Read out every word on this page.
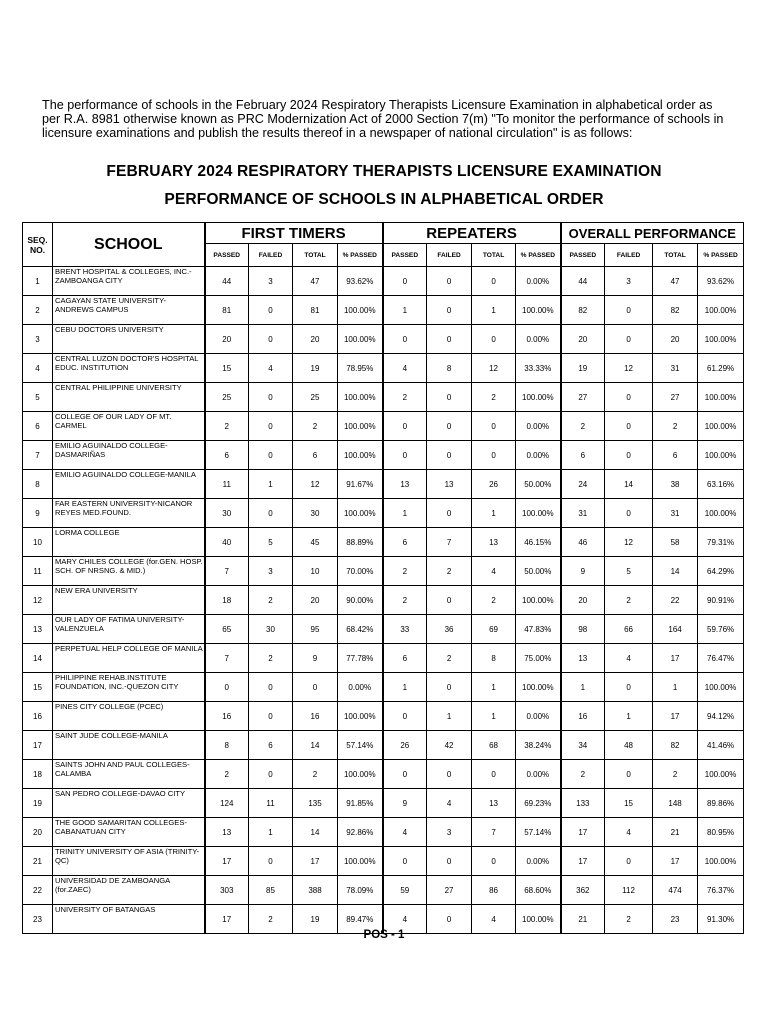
The performance of schools in the February 2024 Respiratory Therapists Licensure Examination in alphabetical order as per R.A. 8981 otherwise known as PRC Modernization Act of 2000 Section 7(m) "To monitor the performance of schools in licensure examinations and publish the results thereof in a newspaper of national circulation" is as follows:
FEBRUARY 2024 RESPIRATORY THERAPISTS LICENSURE EXAMINATION
PERFORMANCE OF SCHOOLS IN ALPHABETICAL ORDER
SEQ.
NO.	SCHOOL	FIRST TIMERS				REPEATERS				OVERALL PERFORMANCE			
		PASSED	FAILED	TOTAL	% PASSED	PASSED	FAILED	TOTAL	% PASSED	PASSED	FAILED	TOTAL	% PASSED
1	BRENT HOSPITAL & COLLEGES, INC.-ZAMBOANGA CITY	44	3	47	93.62%	0	0	0	0.00%	44	3	47	93.62%
2	CAGAYAN STATE UNIVERSITY-ANDREWS CAMPUS	81	0	81	100.00%	1	0	1	100.00%	82	0	82	100.00%
3	CEBU DOCTORS UNIVERSITY	20	0	20	100.00%	0	0	0	0.00%	20	0	20	100.00%
4	CENTRAL LUZON DOCTOR'S HOSPITAL EDUC. INSTITUTION	15	4	19	78.95%	4	8	12	33.33%	19	12	31	61.29%
5	CENTRAL PHILIPPINE UNIVERSITY	25	0	25	100.00%	2	0	2	100.00%	27	0	27	100.00%
6	COLLEGE OF OUR LADY OF MT. CARMEL	2	0	2	100.00%	0	0	0	0.00%	2	0	2	100.00%
7	EMILIO AGUINALDO COLLEGE-DASMARIÑAS	6	0	6	100.00%	0	0	0	0.00%	6	0	6	100.00%
8	EMILIO AGUINALDO COLLEGE-MANILA	11	1	12	91.67%	13	13	26	50.00%	24	14	38	63.16%
9	FAR EASTERN UNIVERSITY-NICANOR REYES MED.FOUND.	30	0	30	100.00%	1	0	1	100.00%	31	0	31	100.00%
10	LORMA COLLEGE	40	5	45	88.89%	6	7	13	46.15%	46	12	58	79.31%
11	MARY CHILES COLLEGE (for.GEN. HOSP. SCH. OF NRSNG. & MID.)	7	3	10	70.00%	2	2	4	50.00%	9	5	14	64.29%
12	NEW ERA UNIVERSITY	18	2	20	90.00%	2	0	2	100.00%	20	2	22	90.91%
13	OUR LADY OF FATIMA UNIVERSITY-VALENZUELA	65	30	95	68.42%	33	36	69	47.83%	98	66	164	59.76%
14	PERPETUAL HELP COLLEGE OF MANILA	7	2	9	77.78%	6	2	8	75.00%	13	4	17	76.47%
15	PHILIPPINE REHAB.INSTITUTE FOUNDATION, INC.-QUEZON CITY	0	0	0	0.00%	1	0	1	100.00%	1	0	1	100.00%
16	PINES CITY COLLEGE (PCEC)	16	0	16	100.00%	0	1	1	0.00%	16	1	17	94.12%
17	SAINT JUDE COLLEGE-MANILA	8	6	14	57.14%	26	42	68	38.24%	34	48	82	41.46%
18	SAINTS JOHN AND PAUL COLLEGES-CALAMBA	2	0	2	100.00%	0	0	0	0.00%	2	0	2	100.00%
19	SAN PEDRO COLLEGE-DAVAO CITY	124	11	135	91.85%	9	4	13	69.23%	133	15	148	89.86%
20	THE GOOD SAMARITAN COLLEGES-CABANATUAN CITY	13	1	14	92.86%	4	3	7	57.14%	17	4	21	80.95%
21	TRINITY UNIVERSITY OF ASIA (TRINITY-QC)	17	0	17	100.00%	0	0	0	0.00%	17	0	17	100.00%
22	UNIVERSIDAD DE ZAMBOANGA (for.ZAEC)	303	85	388	78.09%	59	27	86	68.60%	362	112	474	76.37%
23	UNIVERSITY OF BATANGAS	17	2	19	89.47%	4	0	4	100.00%	21	2	23	91.30%
POS - 1
